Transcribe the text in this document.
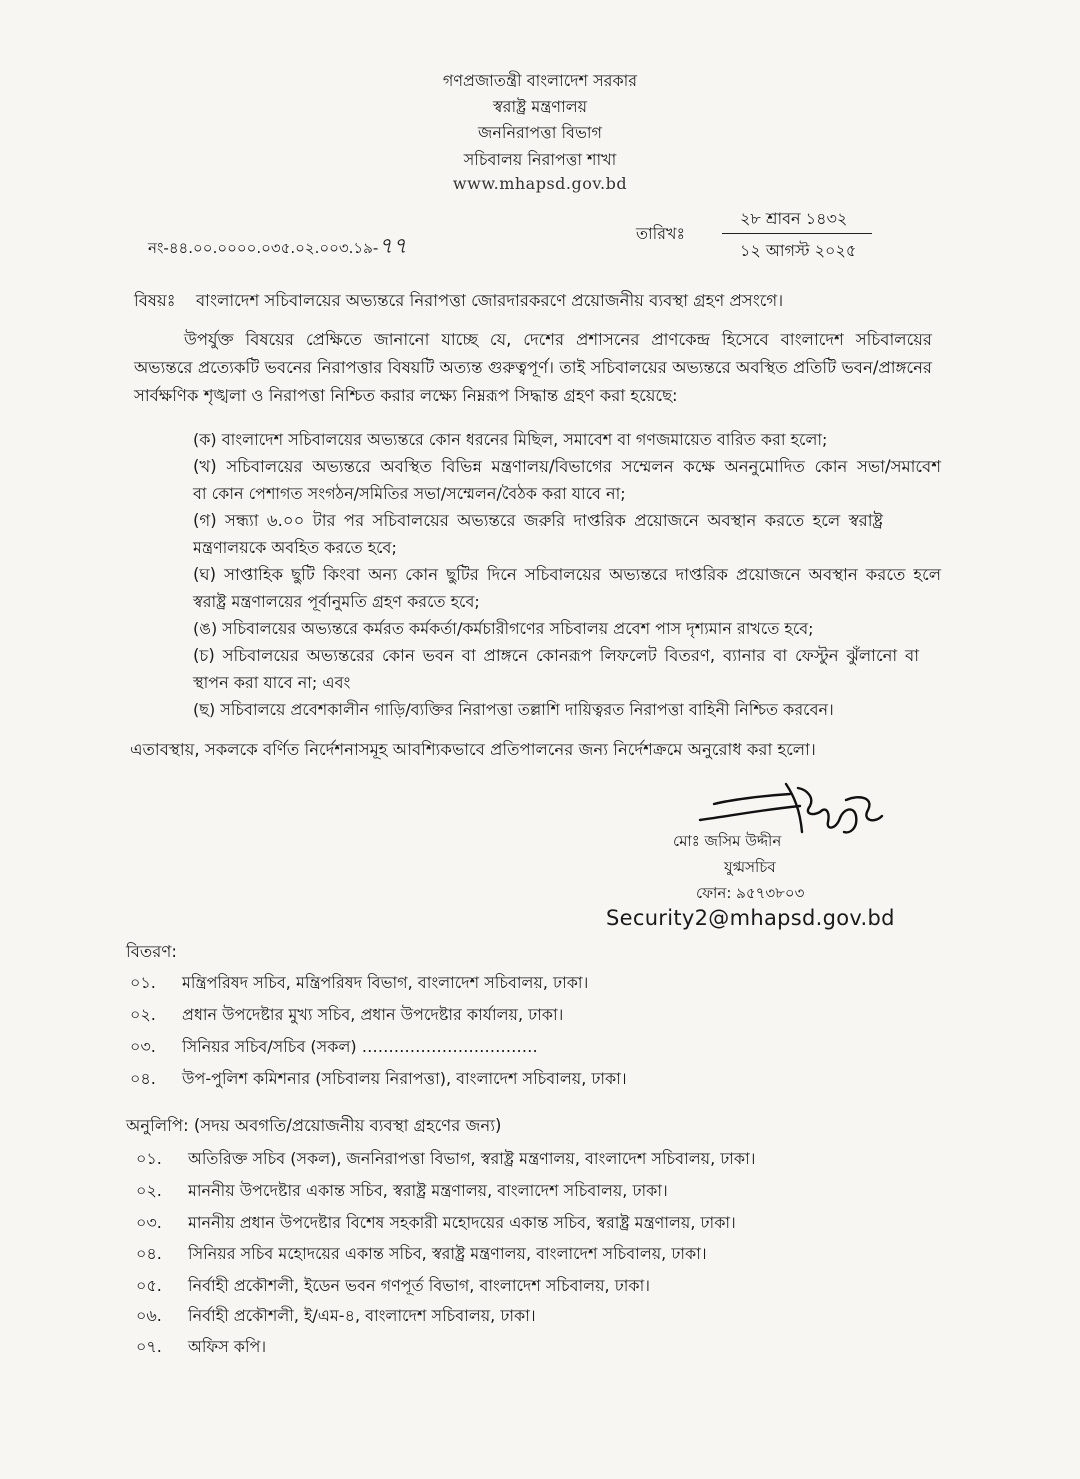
গণপ্রজাতন্ত্রী বাংলাদেশ সরকার
স্বরাষ্ট্র মন্ত্রণালয়
জননিরাপত্তা বিভাগ
সচিবালয় নিরাপত্তা শাখা
www.mhapsd.gov.bd
নং-৪৪.০০.০০০০.০৩৫.০২.০০৩.১৯-৭৭
তারিখঃ
২৮ শ্রাবন ১৪৩২
১২ আগস্ট ২০২৫
বিষয়ঃ বাংলাদেশ সচিবালয়ের অভ্যন্তরে নিরাপত্তা জোরদারকরণে প্রয়োজনীয় ব্যবস্থা গ্রহণ প্রসংগে।
উপর্যুক্ত বিষয়ের প্রেক্ষিতে জানানো যাচ্ছে যে, দেশের প্রশাসনের প্রাণকেন্দ্র হিসেবে বাংলাদেশ সচিবালয়ের
অভ্যন্তরে প্রত্যেকটি ভবনের নিরাপত্তার বিষয়টি অত্যন্ত গুরুত্বপূর্ণ। তাই সচিবালয়ের অভ্যন্তরে অবস্থিত প্রতিটি ভবন/প্রাঙ্গনের
সার্বক্ষণিক শৃঙ্খলা ও নিরাপত্তা নিশ্চিত করার লক্ষ্যে নিম্নরূপ সিদ্ধান্ত গ্রহণ করা হয়েছে:
(ক) বাংলাদেশ সচিবালয়ের অভ্যন্তরে কোন ধরনের মিছিল, সমাবেশ বা গণজমায়েত বারিত করা হলো;
(খ) সচিবালয়ের অভ্যন্তরে অবস্থিত বিভিন্ন মন্ত্রণালয়/বিভাগের সম্মেলন কক্ষে অননুমোদিত কোন সভা/সমাবেশ
বা কোন পেশাগত সংগঠন/সমিতির সভা/সম্মেলন/বৈঠক করা যাবে না;
(গ) সন্ধ্যা ৬.০০ টার পর সচিবালয়ের অভ্যন্তরে জরুরি দাপ্তরিক প্রয়োজনে অবস্থান করতে হলে স্বরাষ্ট্র
মন্ত্রণালয়কে অবহিত করতে হবে;
(ঘ) সাপ্তাহিক ছুটি কিংবা অন্য কোন ছুটির দিনে সচিবালয়ের অভ্যন্তরে দাপ্তরিক প্রয়োজনে অবস্থান করতে হলে
স্বরাষ্ট্র মন্ত্রণালয়ের পূর্বানুমতি গ্রহণ করতে হবে;
(ঙ) সচিবালয়ের অভ্যন্তরে কর্মরত কর্মকর্তা/কর্মচারীগণের সচিবালয় প্রবেশ পাস দৃশ্যমান রাখতে হবে;
(চ) সচিবালয়ের অভ্যন্তরের কোন ভবন বা প্রাঙ্গনে কোনরূপ লিফলেট বিতরণ, ব্যানার বা ফেস্টুন ঝুঁলানো বা
স্থাপন করা যাবে না; এবং
(ছ) সচিবালয়ে প্রবেশকালীন গাড়ি/ব্যক্তির নিরাপত্তা তল্লাশি দায়িত্বরত নিরাপত্তা বাহিনী নিশ্চিত করবেন।
এতাবস্থায়, সকলকে বর্ণিত নির্দেশনাসমূহ আবশ্যিকভাবে প্রতিপালনের জন্য নির্দেশক্রমে অনুরোধ করা হলো।
মোঃ জসিম উদ্দীন
যুগ্মসচিব
ফোন: ৯৫৭৩৮০৩
Security2@mhapsd.gov.bd
বিতরণ:
০১. মন্ত্রিপরিষদ সচিব, মন্ত্রিপরিষদ বিভাগ, বাংলাদেশ সচিবালয়, ঢাকা।
০২. প্রধান উপদেষ্টার মুখ্য সচিব, প্রধান উপদেষ্টার কার্যালয়, ঢাকা।
০৩. সিনিয়র সচিব/সচিব (সকল) ……………………………
০৪. উপ-পুলিশ কমিশনার (সচিবালয় নিরাপত্তা), বাংলাদেশ সচিবালয়, ঢাকা।
অনুলিপি: (সদয় অবগতি/প্রয়োজনীয় ব্যবস্থা গ্রহণের জন্য)
০১. অতিরিক্ত সচিব (সকল), জননিরাপত্তা বিভাগ, স্বরাষ্ট্র মন্ত্রণালয়, বাংলাদেশ সচিবালয়, ঢাকা।
০২. মাননীয় উপদেষ্টার একান্ত সচিব, স্বরাষ্ট্র মন্ত্রণালয়, বাংলাদেশ সচিবালয়, ঢাকা।
০৩. মাননীয় প্রধান উপদেষ্টার বিশেষ সহকারী মহোদয়ের একান্ত সচিব, স্বরাষ্ট্র মন্ত্রণালয়, ঢাকা।
০৪. সিনিয়র সচিব মহোদয়ের একান্ত সচিব, স্বরাষ্ট্র মন্ত্রণালয়, বাংলাদেশ সচিবালয়, ঢাকা।
০৫. নির্বাহী প্রকৌশলী, ইডেন ভবন গণপূর্ত বিভাগ, বাংলাদেশ সচিবালয়, ঢাকা।
০৬. নির্বাহী প্রকৌশলী, ই/এম-৪, বাংলাদেশ সচিবালয়, ঢাকা।
০৭. অফিস কপি।
